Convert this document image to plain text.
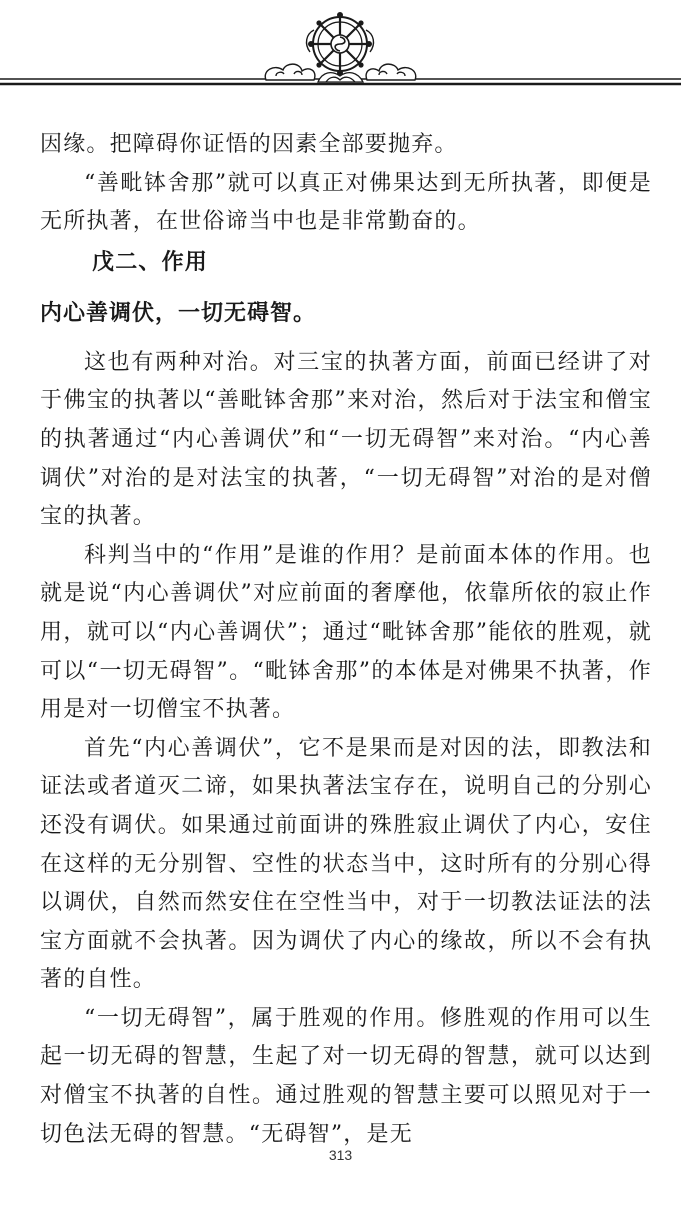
因缘。把障碍你证悟的因素全部要抛弃。

“善毗钵舍那”就可以真正对佛果达到无所执著，即便是无所执著，在世俗谛当中也是非常勤奋的。

戊二、作用

内心善调伏，一切无碍智。

这也有两种对治。对三宝的执著方面，前面已经讲了对于佛宝的执著以“善毗钵舍那”来对治，然后对于法宝和僧宝的执著通过“内心善调伏”和“一切无碍智”来对治。“内心善调伏”对治的是对法宝的执著，“一切无碍智”对治的是对僧宝的执著。

科判当中的“作用”是谁的作用？是前面本体的作用。也就是说“内心善调伏”对应前面的奢摩他，依靠所依的寂止作用，就可以“内心善调伏”；通过“毗钵舍那”能依的胜观，就可以“一切无碍智”。“毗钵舍那”的本体是对佛果不执著，作用是对一切僧宝不执著。

首先“内心善调伏”，它不是果而是对因的法，即教法和证法或者道灭二谛，如果执著法宝存在，说明自己的分别心还没有调伏。如果通过前面讲的殊胜寂止调伏了内心，安住在这样的无分别智、空性的状态当中，这时所有的分别心得以调伏，自然而然安住在空性当中，对于一切教法证法的法宝方面就不会执著。因为调伏了内心的缘故，所以不会有执著的自性。

“一切无碍智”，属于胜观的作用。修胜观的作用可以生起一切无碍的智慧，生起了对一切无碍的智慧，就可以达到对僧宝不执著的自性。通过胜观的智慧主要可以照见对于一切色法无碍的智慧。“无碍智”，是无

313
